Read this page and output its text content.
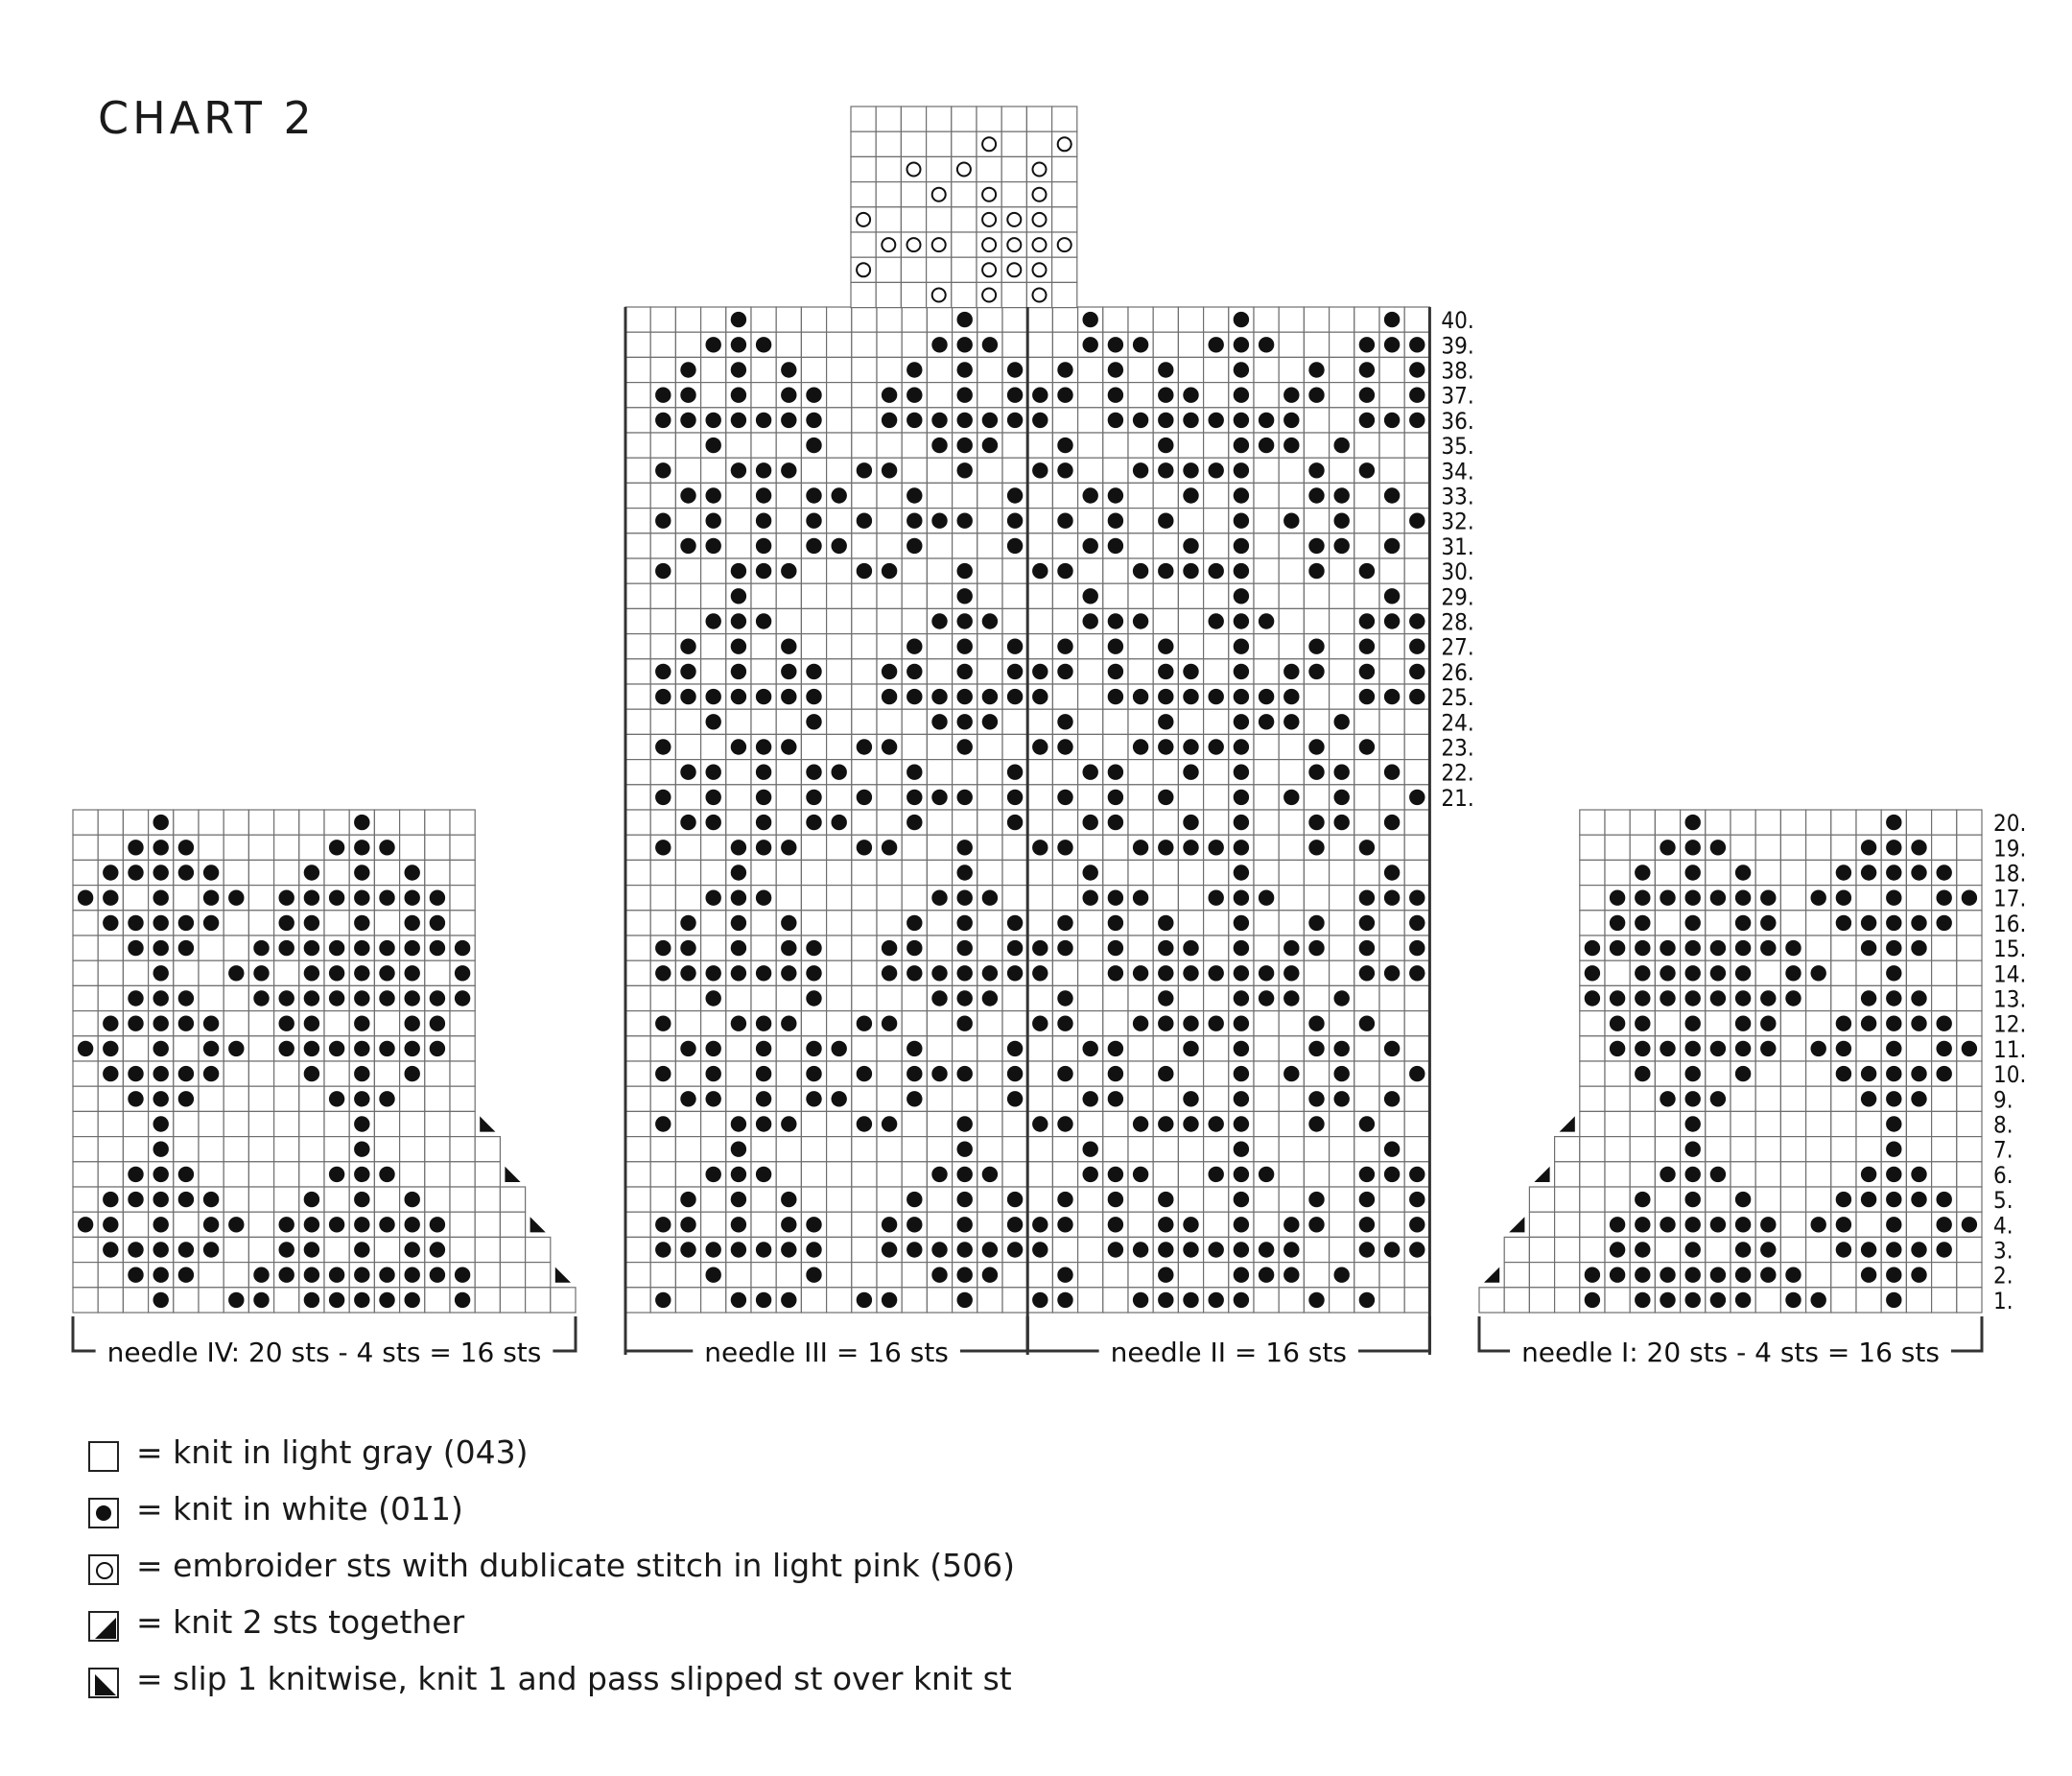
CHART 2
40.
39.
38.
37.
36.
35.
34.
33.
32.
31.
30.
29.
28.
27.
26.
25.
24.
23.
22.
21.
20.
19.
18.
17.
16.
15.
14.
13.
12.
11.
10.
9.
8.
7.
6.
5.
4.
3.
2.
1.
needle IV: 20 sts - 4 sts = 16 sts	needle III = 16 sts	needle II = 16 sts	needle I: 20 sts - 4 sts = 16 sts
= knit in light gray (043)
= knit in white (011)
= embroider sts with dublicate stitch in light pink (506)
= knit 2 sts together
= slip 1 knitwise, knit 1 and pass slipped st over knit st
